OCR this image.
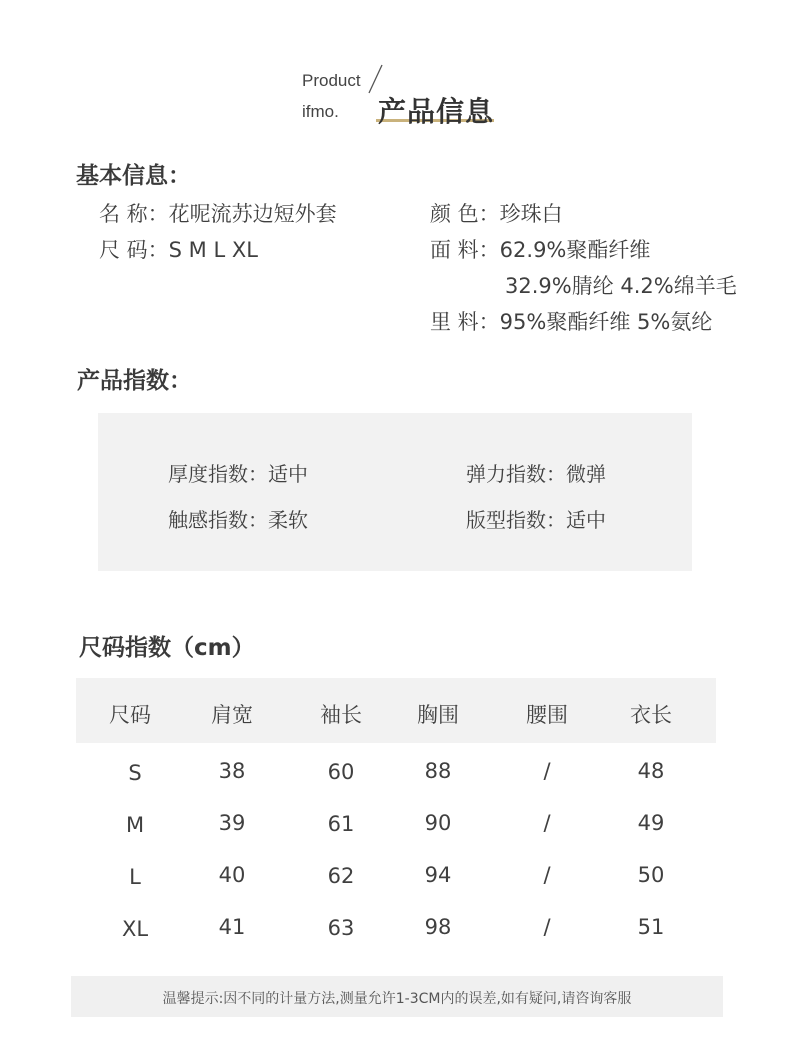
Product
ifmo. 产品信息
基本信息：
名 称：花呢流苏边短外套
尺 码：S M L XL
颜 色：珍珠白
面 料：62.9%聚酯纤维
32.9%腈纶 4.2%绵羊毛
里 料：95%聚酯纤维 5%氨纶
产品指数：
厚度指数：适中	弹力指数：微弹
触感指数：柔软	版型指数：适中
尺码指数（cm）
尺码	肩宽	袖长	胸围	腰围	衣长
S	38	60	88	/	48
M	39	61	90	/	49
L	40	62	94	/	50
XL	41	63	98	/	51
温馨提示:因不同的计量方法,测量允许1-3CM内的误差,如有疑问,请咨询客服
